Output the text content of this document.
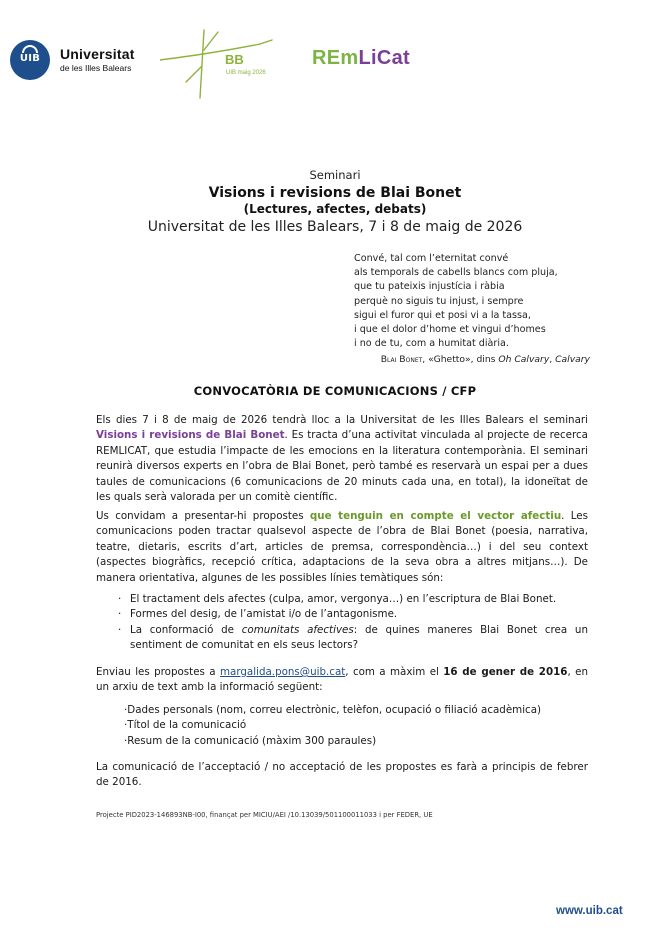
UIB	Universitat
de les Illes Balears
BB
UIB maig 2026
REmLiCat
Seminari
Visions i revisions de Blai Bonet
(Lectures, afectes, debats)
Universitat de les Illes Balears, 7 i 8 de maig de 2026
Convé, tal com l’eternitat convé
als temporals de cabells blancs com pluja,
que tu pateixis injustícia i ràbia
perquè no siguis tu injust, i sempre
sigui el furor qui et posi vi a la tassa,
i que el dolor d’home et vingui d’homes
i no de tu, com a humitat diària.
Blai Bonet, «Ghetto», dins Oh Calvary, Calvary
CONVOCATÒRIA DE COMUNICACIONS / CFP
Els dies 7 i 8 de maig de 2026 tendrà lloc a la Universitat de les Illes Balears el seminari Visions i revisions de Blai Bonet. Es tracta d’una activitat vinculada al projecte de recerca REMLICAT, que estudia l’impacte de les emocions en la literatura contemporània. El seminari reunirà diversos experts en l’obra de Blai Bonet, però també es reservarà un espai per a dues taules de comunicacions (6 comunicacions de 20 minuts cada una, en total), la idoneïtat de les quals serà valorada per un comitè científic.
Us convidam a presentar-hi propostes que tenguin en compte el vector afectiu. Les comunicacions poden tractar qualsevol aspecte de l’obra de Blai Bonet (poesia, narrativa, teatre, dietaris, escrits d’art, articles de premsa, correspondència…) i del seu context (aspectes biogràfics, recepció crítica, adaptacions de la seva obra a altres mitjans…). De manera orientativa, algunes de les possibles línies temàtiques són:
· El tractament dels afectes (culpa, amor, vergonya…) en l’escriptura de Blai Bonet.
· Formes del desig, de l’amistat i/o de l’antagonisme.
· La conformació de comunitats afectives: de quines maneres Blai Bonet crea un sentiment de comunitat en els seus lectors?
Enviau les propostes a margalida.pons@uib.cat, com a màxim el 16 de gener de 2016, en un arxiu de text amb la informació següent:
·Dades personals (nom, correu electrònic, telèfon, ocupació o filiació acadèmica)
·Títol de la comunicació
·Resum de la comunicació (màxim 300 paraules)
La comunicació de l’acceptació / no acceptació de les propostes es farà a principis de febrer de 2016.
Projecte PID2023-146893NB-I00, finançat per MICIU/AEI /10.13039/501100011033 i per FEDER, UE
www.uib.cat
